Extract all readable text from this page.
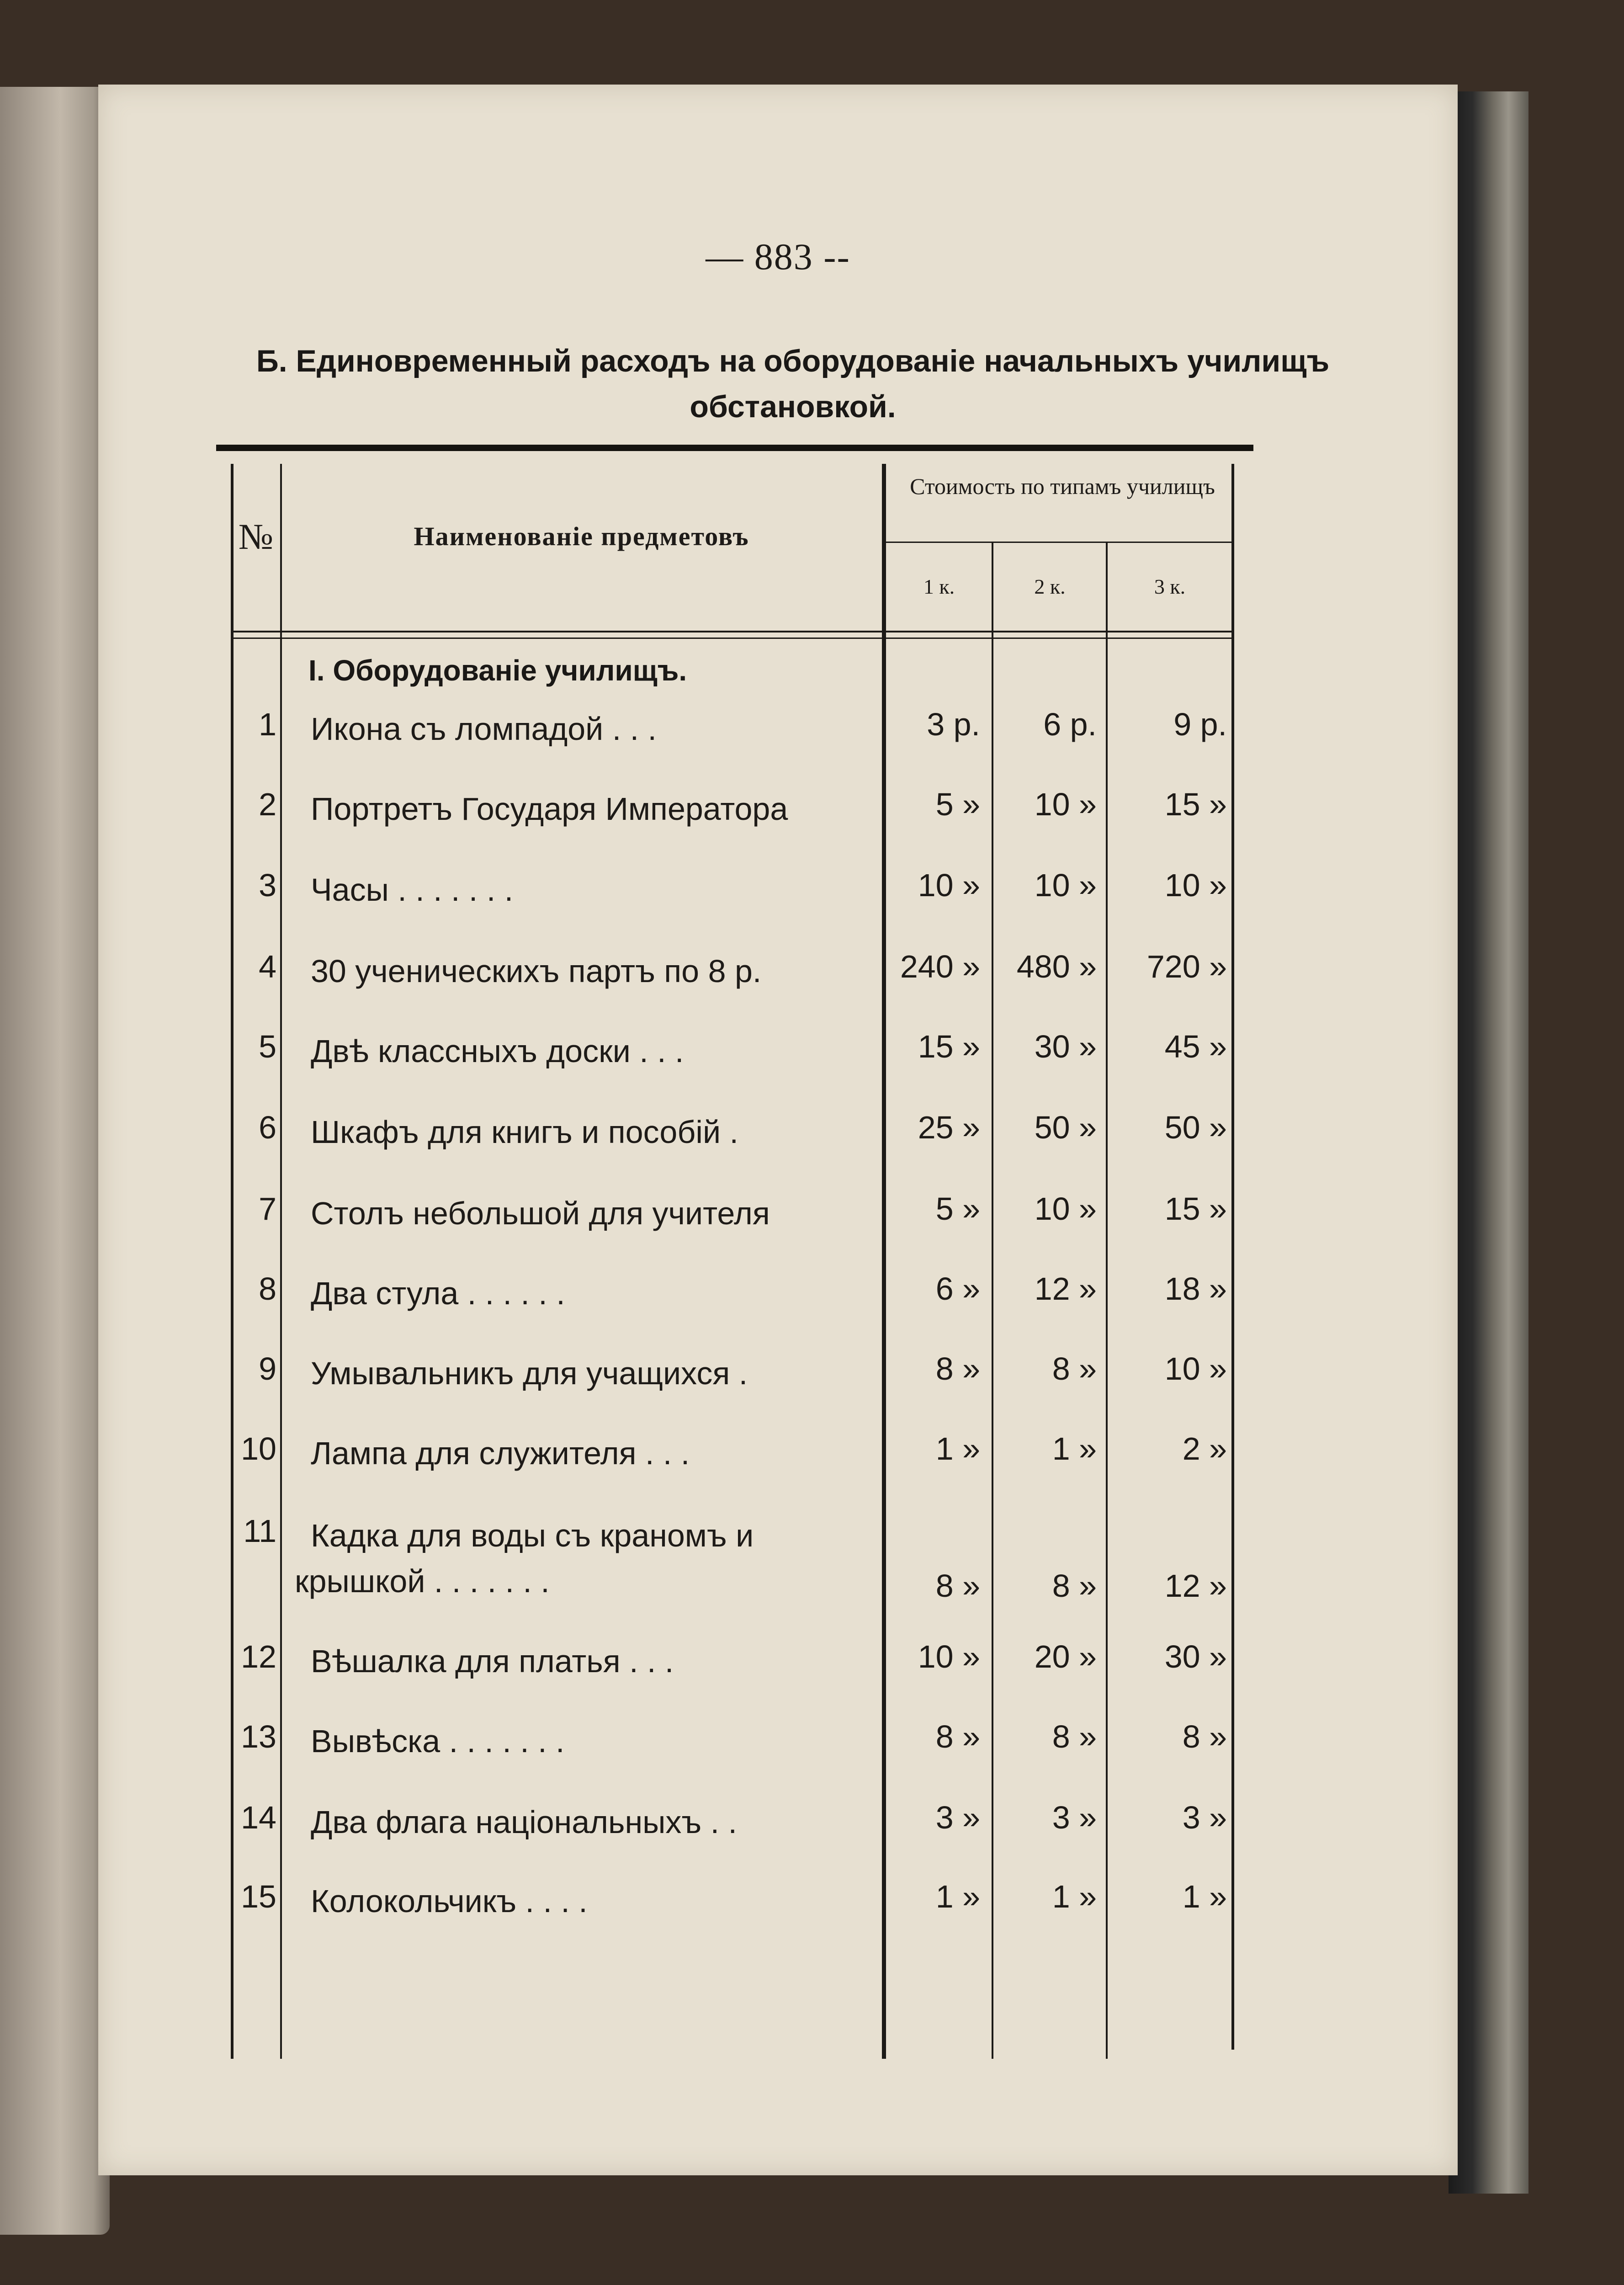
— 883 --
Б. Единовременный расходъ на оборудованіе начальныхъ училищъ обстановкой.
№	Наименованіе предметовъ
Стоимость по типамъ училищъ
1 к.	2 к.	3 к.
I. Оборудованіе училищъ.
1 Икона съ ломпадой . . .	3 р.	6 р.	9 р.
2 Портретъ Государя Императора	5 »	10 »	15 »
3 Часы . . . . . . .	10 »	10 »	10 »
4 30 ученическихъ партъ по 8 р.	240 »	480 »	720 »
5 Двѣ классныхъ доски . . .	15 »	30 »	45 »
6 Шкафъ для книгъ и пособій .	25 »	50 »	50 »
7 Столъ небольшой для учителя	5 »	10 »	15 »
8 Два стула . . . . . .	6 »	12 »	18 »
9 Умывальникъ для учащихся .	8 »	8 »	10 »
10 Лампа для служителя . . .	1 »	1 »	2 »
11	Кадка для воды съ краномъ и крышкой . . . . . . .	8 »	8 »	12 »
12 Вѣшалка для платья . . .	10 »	20 »	30 »
13 Вывѣска . . . . . . .	8 »	8 »	8 »
14 Два флага національныхъ . .	3 »	3 »	3 »
15 Колокольчикъ . . . .	1 »	1 »	1 »
